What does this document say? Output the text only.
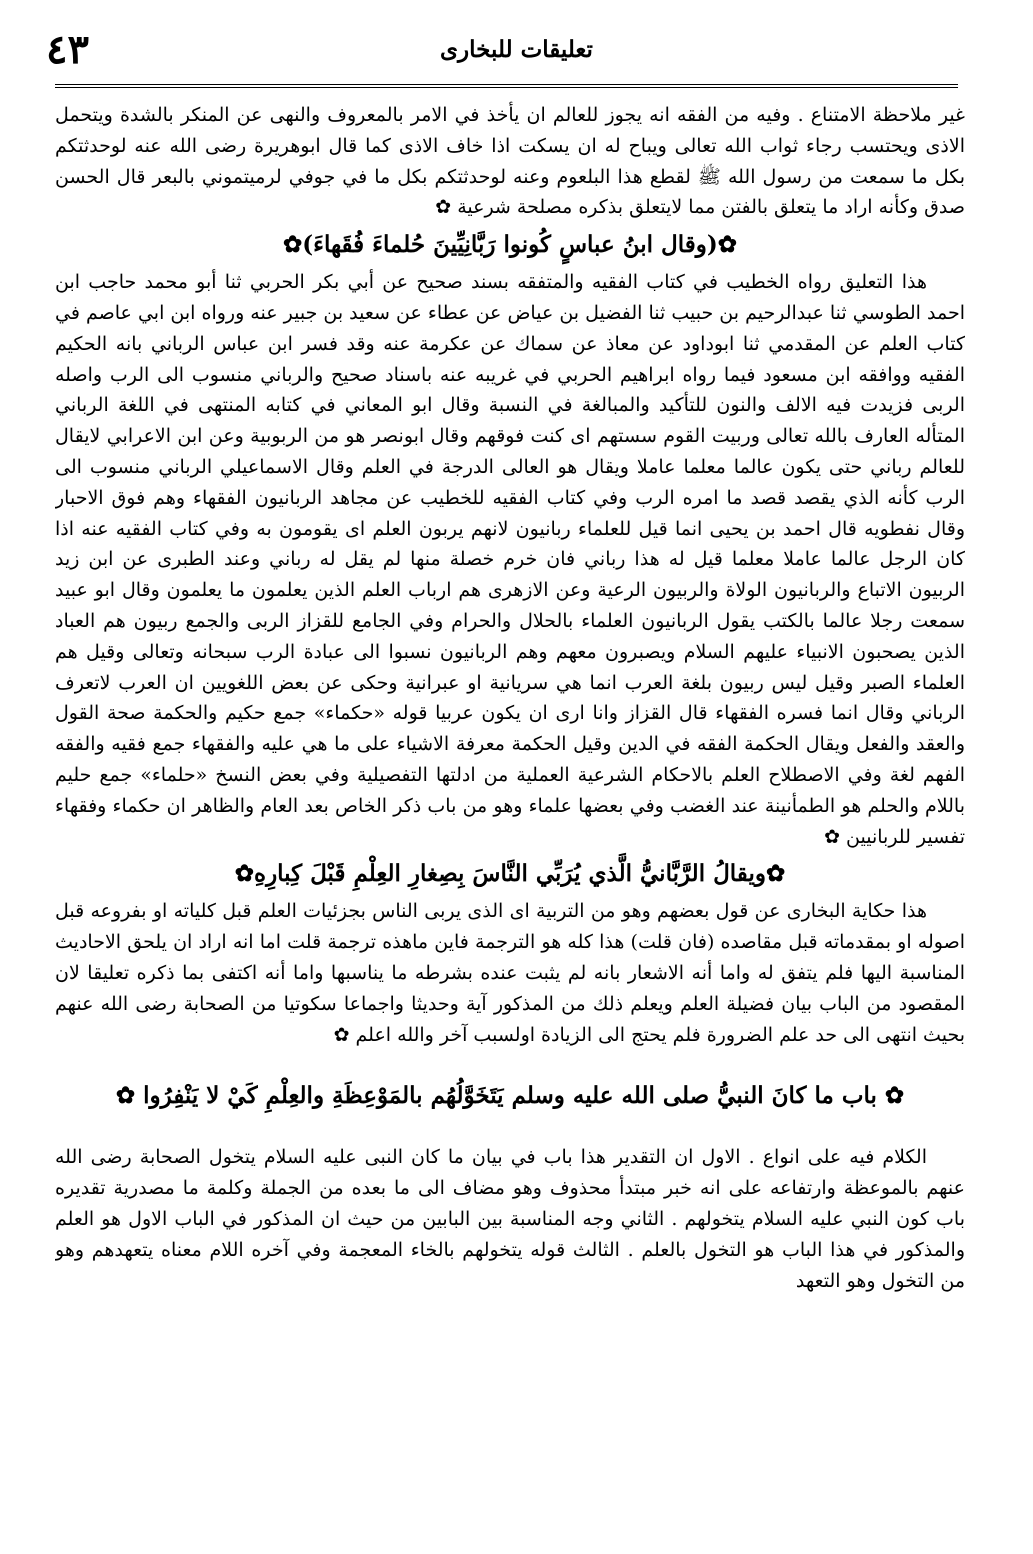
٤٣	تعليقات للبخارى

غير ملاحظة الامتناع . وفيه من الفقه انه يجوز للعالم ان يأخذ في الامر بالمعروف والنهى عن المنكر بالشدة ويتحمل الاذى ويحتسب رجاء ثواب الله تعالى ويباح له ان يسكت اذا خاف الاذى كما قال ابوهريرة رضى الله عنه لوحدثتكم بكل ما سمعت من رسول الله ﷺ لقطع هذا البلعوم وعنه لوحدثتكم بكل ما في جوفي لرميتموني بالبعر قال الحسن صدق وكأنه اراد ما يتعلق بالفتن مما لايتعلق بذكره مصلحة شرعية ✿

✿(وقال ابنُ عباسٍ كُونوا رَبَّانِيِّينَ حُلماءَ فُقَهاءَ)✿

هذا التعليق رواه الخطيب في كتاب الفقيه والمتفقه بسند صحيح عن أبي بكر الحربي ثنا أبو محمد حاجب ابن احمد الطوسي ثنا عبدالرحيم بن حبيب ثنا الفضيل بن عياض عن عطاء عن سعيد بن جبير عنه ورواه ابن ابي عاصم في كتاب العلم عن المقدمي ثنا ابوداود عن معاذ عن سماك عن عكرمة عنه وقد فسر ابن عباس الرباني بانه الحكيم الفقيه ووافقه ابن مسعود فيما رواه ابراهيم الحربي في غريبه عنه باسناد صحيح والرباني منسوب الى الرب واصله الربى فزيدت فيه الالف والنون للتأكيد والمبالغة في النسبة وقال ابو المعاني في كتابه المنتهى في اللغة الرباني المتأله العارف بالله تعالى وربيت القوم سستهم اى كنت فوقهم وقال ابونصر هو من الربوبية وعن ابن الاعرابي لايقال للعالم رباني حتى يكون عالما معلما عاملا ويقال هو العالى الدرجة في العلم وقال الاسماعيلي الرباني منسوب الى الرب كأنه الذي يقصد قصد ما امره الرب وفي كتاب الفقيه للخطيب عن مجاهد الربانيون الفقهاء وهم فوق الاحبار وقال نفطويه قال احمد بن يحيى انما قيل للعلماء ربانيون لانهم يربون العلم اى يقومون به وفي كتاب الفقيه عنه اذا كان الرجل عالما عاملا معلما قيل له هذا رباني فان خرم خصلة منها لم يقل له رباني وعند الطبرى عن ابن زيد الربيون الاتباع والربانيون الولاة والربيون الرعية وعن الازهرى هم ارباب العلم الذين يعلمون ما يعلمون وقال ابو عبيد سمعت رجلا عالما بالكتب يقول الربانيون العلماء بالحلال والحرام وفي الجامع للقزاز الربى والجمع ربيون هم العباد الذين يصحبون الانبياء عليهم السلام ويصبرون معهم وهم الربانيون نسبوا الى عبادة الرب سبحانه وتعالى وقيل هم العلماء الصبر وقيل ليس ربيون بلغة العرب انما هي سريانية او عبرانية وحكى عن بعض اللغويين ان العرب لاتعرف الرباني وقال انما فسره الفقهاء قال القزاز وانا ارى ان يكون عربيا قوله «حكماء» جمع حكيم والحكمة صحة القول والعقد والفعل ويقال الحكمة الفقه في الدين وقيل الحكمة معرفة الاشياء على ما هي عليه والفقهاء جمع فقيه والفقه الفهم لغة وفي الاصطلاح العلم بالاحكام الشرعية العملية من ادلتها التفصيلية وفي بعض النسخ «حلماء» جمع حليم باللام والحلم هو الطمأنينة عند الغضب وفي بعضها علماء وهو من باب ذكر الخاص بعد العام والظاهر ان حكماء وفقهاء تفسير للربانيين ✿

✿ويقالُ الرَّبَّانيُّ الَّذي يُرَبِّي النَّاسَ بِصِغارِ العِلْمِ قَبْلَ كِبارِهِ✿

هذا حكاية البخارى عن قول بعضهم وهو من التربية اى الذى يربى الناس بجزئيات العلم قبل كلياته او بفروعه قبل اصوله او بمقدماته قبل مقاصده (فان قلت) هذا كله هو الترجمة فاين ماهذه ترجمة قلت اما انه اراد ان يلحق الاحاديث المناسبة اليها فلم يتفق له واما أنه الاشعار بانه لم يثبت عنده بشرطه ما يناسبها واما أنه اكتفى بما ذكره تعليقا لان المقصود من الباب بيان فضيلة العلم ويعلم ذلك من المذكور آية وحديثا واجماعا سكوتيا من الصحابة رضى الله عنهم بحيث انتهى الى حد علم الضرورة فلم يحتج الى الزيادة اولسبب آخر والله اعلم ✿

✿ باب ما كانَ النبيُّ صلى الله عليه وسلم يَتَخَوَّلُهُم بالمَوْعِظَةِ والعِلْمِ كَيْ لا يَنْفِرُوا ✿

الكلام فيه على انواع . الاول ان التقدير هذا باب في بيان ما كان النبى عليه السلام يتخول الصحابة رضى الله عنهم بالموعظة وارتفاعه على انه خبر مبتدأ محذوف وهو مضاف الى ما بعده من الجملة وكلمة ما مصدرية تقديره باب كون النبي عليه السلام يتخولهم . الثاني وجه المناسبة بين البابين من حيث ان المذكور في الباب الاول هو العلم والمذكور في هذا الباب هو التخول بالعلم . الثالث قوله يتخولهم بالخاء المعجمة وفي آخره اللام معناه يتعهدهم وهو من التخول وهو التعهد
